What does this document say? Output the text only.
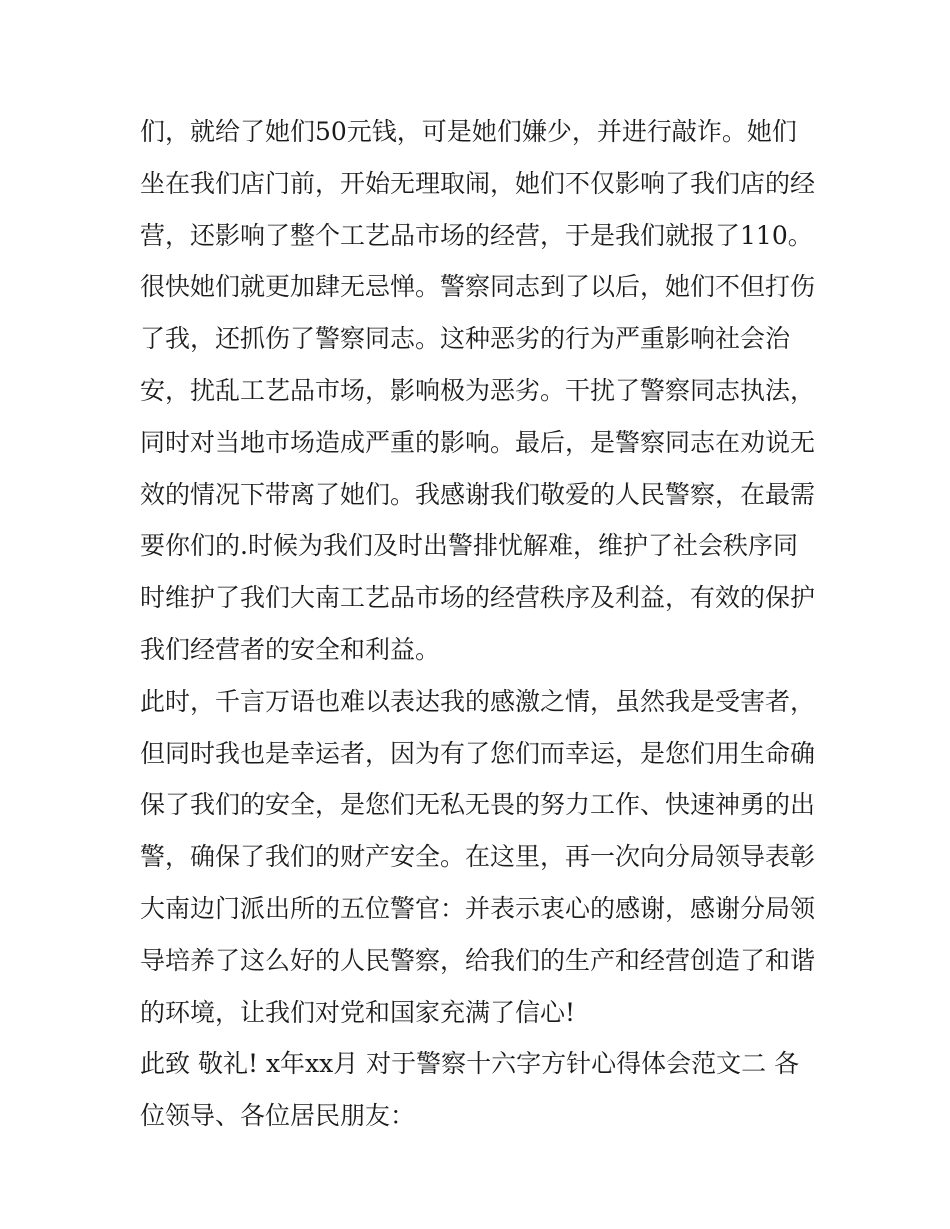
们，就给了她们50元钱，可是她们嫌少，并进行敲诈。她们
坐在我们店门前，开始无理取闹，她们不仅影响了我们店的经
营，还影响了整个工艺品市场的经营，于是我们就报了110。
很快她们就更加肆无忌惮。警察同志到了以后，她们不但打伤
了我，还抓伤了警察同志。这种恶劣的行为严重影响社会治
安，扰乱工艺品市场，影响极为恶劣。干扰了警察同志执法，
同时对当地市场造成严重的影响。最后，是警察同志在劝说无
效的情况下带离了她们。我感谢我们敬爱的人民警察，在最需
要你们的.时候为我们及时出警排忧解难，维护了社会秩序同
时维护了我们大南工艺品市场的经营秩序及利益，有效的保护
我们经营者的安全和利益。
此时，千言万语也难以表达我的感激之情，虽然我是受害者，
但同时我也是幸运者，因为有了您们而幸运，是您们用生命确
保了我们的安全，是您们无私无畏的努力工作、快速神勇的出
警，确保了我们的财产安全。在这里，再一次向分局领导表彰
大南边门派出所的五位警官：并表示衷心的感谢，感谢分局领
导培养了这么好的人民警察，给我们的生产和经营创造了和谐
的环境，让我们对党和国家充满了信心!
此致 敬礼! x年xx月 对于警察十六字方针心得体会范文二 各
位领导、各位居民朋友：
